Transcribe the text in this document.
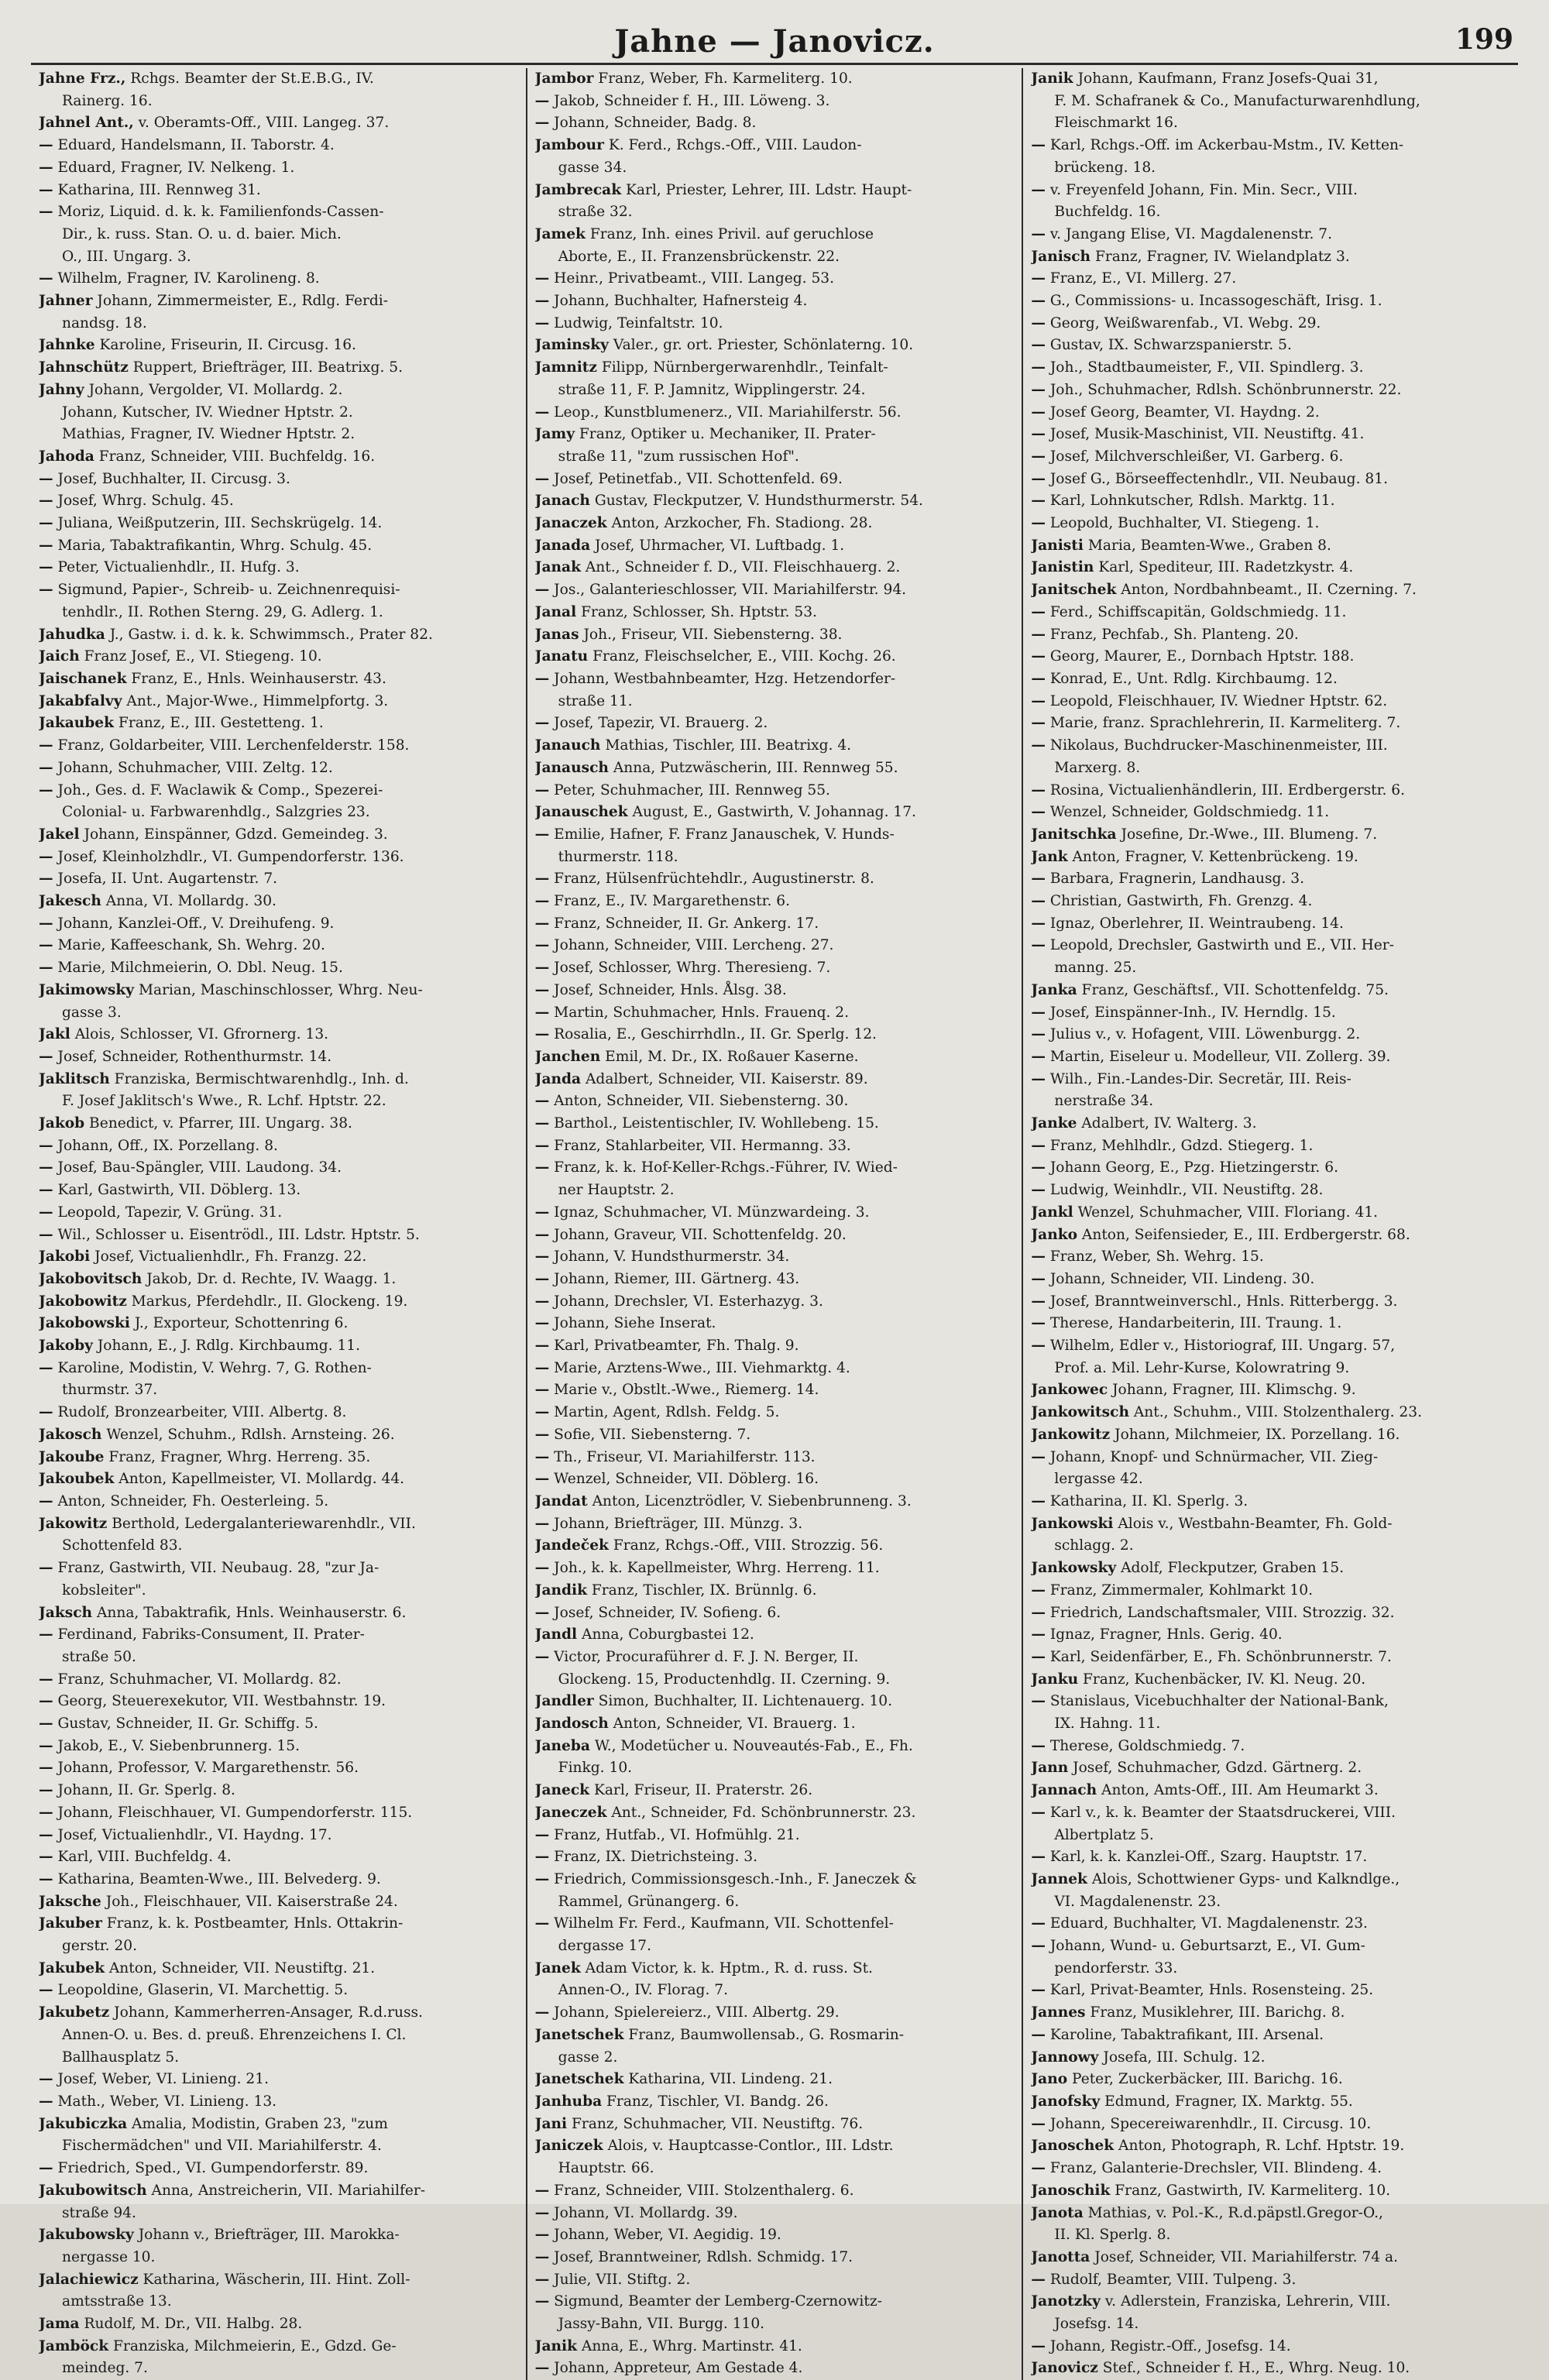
Jahne — Janovicz.	199
Jahne Frz., Rchgs. Beamter der St.E.B.G., IV.
Rainerg. 16.
Jahnel Ant., v. Oberamts-Off., VIII. Langeg. 37.
— Eduard, Handelsmann, II. Taborstr. 4.
— Eduard, Fragner, IV. Nelkeng. 1.
— Katharina, III. Rennweg 31.
— Moriz, Liquid. d. k. k. Familienfonds-Cassen-
Dir., k. russ. Stan. O. u. d. baier. Mich.
O., III. Ungarg. 3.
— Wilhelm, Fragner, IV. Karolineng. 8.
Jahner Johann, Zimmermeister, E., Rdlg. Ferdi-
nandsg. 18.
Jahnke Karoline, Friseurin, II. Circusg. 16.
Jahnschütz Ruppert, Briefträger, III. Beatrixg. 5.
Jahny Johann, Vergolder, VI. Mollardg. 2.
Johann, Kutscher, IV. Wiedner Hptstr. 2.
Mathias, Fragner, IV. Wiedner Hptstr. 2.
Jahoda Franz, Schneider, VIII. Buchfeldg. 16.
— Josef, Buchhalter, II. Circusg. 3.
— Josef, Whrg. Schulg. 45.
— Juliana, Weißputzerin, III. Sechskrügelg. 14.
— Maria, Tabaktrafikantin, Whrg. Schulg. 45.
— Peter, Victualienhdlr., II. Hufg. 3.
— Sigmund, Papier-, Schreib- u. Zeichnenrequisi-
tenhdlr., II. Rothen Sterng. 29, G. Adlerg. 1.
Jahudka J., Gastw. i. d. k. k. Schwimmsch., Prater 82.
Jaich Franz Josef, E., VI. Stiegeng. 10.
Jaischanek Franz, E., Hnls. Weinhauserstr. 43.
Jakabfalvy Ant., Major-Wwe., Himmelpfortg. 3.
Jakaubek Franz, E., III. Gestetteng. 1.
— Franz, Goldarbeiter, VIII. Lerchenfelderstr. 158.
— Johann, Schuhmacher, VIII. Zeltg. 12.
— Joh., Ges. d. F. Waclawik & Comp., Spezerei-
Colonial- u. Farbwarenhdlg., Salzgries 23.
Jakel Johann, Einspänner, Gdzd. Gemeindeg. 3.
— Josef, Kleinholzhdlr., VI. Gumpendorferstr. 136.
— Josefa, II. Unt. Augartenstr. 7.
Jakesch Anna, VI. Mollardg. 30.
— Johann, Kanzlei-Off., V. Dreihufeng. 9.
— Marie, Kaffeeschank, Sh. Wehrg. 20.
— Marie, Milchmeierin, O. Dbl. Neug. 15.
Jakimowsky Marian, Maschinschlosser, Whrg. Neu-
gasse 3.
Jakl Alois, Schlosser, VI. Gfrornerg. 13.
— Josef, Schneider, Rothenthurmstr. 14.
Jaklitsch Franziska, Bermischtwarenhdlg., Inh. d.
F. Josef Jaklitsch's Wwe., R. Lchf. Hptstr. 22.
Jakob Benedict, v. Pfarrer, III. Ungarg. 38.
— Johann, Off., IX. Porzellang. 8.
— Josef, Bau-Spängler, VIII. Laudong. 34.
— Karl, Gastwirth, VII. Döblerg. 13.
— Leopold, Tapezir, V. Grüng. 31.
— Wil., Schlosser u. Eisentrödl., III. Ldstr. Hptstr. 5.
Jakobi Josef, Victualienhdlr., Fh. Franzg. 22.
Jakobovitsch Jakob, Dr. d. Rechte, IV. Waagg. 1.
Jakobowitz Markus, Pferdehdlr., II. Glockeng. 19.
Jakobowski J., Exporteur, Schottenring 6.
Jakoby Johann, E., J. Rdlg. Kirchbaumg. 11.
— Karoline, Modistin, V. Wehrg. 7, G. Rothen-
thurmstr. 37.
— Rudolf, Bronzearbeiter, VIII. Albertg. 8.
Jakosch Wenzel, Schuhm., Rdlsh. Arnsteing. 26.
Jakoube Franz, Fragner, Whrg. Herreng. 35.
Jakoubek Anton, Kapellmeister, VI. Mollardg. 44.
— Anton, Schneider, Fh. Oesterleing. 5.
Jakowitz Berthold, Ledergalanteriewarenhdlr., VII.
Schottenfeld 83.
— Franz, Gastwirth, VII. Neubaug. 28, "zur Ja-
kobsleiter".
Jaksch Anna, Tabaktrafik, Hnls. Weinhauserstr. 6.
— Ferdinand, Fabriks-Consument, II. Prater-
straße 50.
— Franz, Schuhmacher, VI. Mollardg. 82.
— Georg, Steuerexekutor, VII. Westbahnstr. 19.
— Gustav, Schneider, II. Gr. Schiffg. 5.
— Jakob, E., V. Siebenbrunnerg. 15.
— Johann, Professor, V. Margarethenstr. 56.
— Johann, II. Gr. Sperlg. 8.
— Johann, Fleischhauer, VI. Gumpendorferstr. 115.
— Josef, Victualienhdlr., VI. Haydng. 17.
— Karl, VIII. Buchfeldg. 4.
— Katharina, Beamten-Wwe., III. Belvederg. 9.
Jaksche Joh., Fleischhauer, VII. Kaiserstraße 24.
Jakuber Franz, k. k. Postbeamter, Hnls. Ottakrin-
gerstr. 20.
Jakubek Anton, Schneider, VII. Neustiftg. 21.
— Leopoldine, Glaserin, VI. Marchettig. 5.
Jakubetz Johann, Kammerherren-Ansager, R.d.russ.
Annen-O. u. Bes. d. preuß. Ehrenzeichens I. Cl.
Ballhausplatz 5.
— Josef, Weber, VI. Linieng. 21.
— Math., Weber, VI. Linieng. 13.
Jakubiczka Amalia, Modistin, Graben 23, "zum
Fischermädchen" und VII. Mariahilferstr. 4.
— Friedrich, Sped., VI. Gumpendorferstr. 89.
Jakubowitsch Anna, Anstreicherin, VII. Mariahilfer-
straße 94.
Jakubowsky Johann v., Briefträger, III. Marokka-
nergasse 10.
Jalachiewicz Katharina, Wäscherin, III. Hint. Zoll-
amtsstraße 13.
Jama Rudolf, M. Dr., VII. Halbg. 28.
Jamböck Franziska, Milchmeierin, E., Gdzd. Ge-
meindeg. 7.
Jambor Franz, Weber, Fh. Karmeliterg. 10.
— Jakob, Schneider f. H., III. Löweng. 3.
— Johann, Schneider, Badg. 8.
Jambour K. Ferd., Rchgs.-Off., VIII. Laudon-
gasse 34.
Jambrecak Karl, Priester, Lehrer, III. Ldstr. Haupt-
straße 32.
Jamek Franz, Inh. eines Privil. auf geruchlose
Aborte, E., II. Franzensbrückenstr. 22.
— Heinr., Privatbeamt., VIII. Langeg. 53.
— Johann, Buchhalter, Hafnersteig 4.
— Ludwig, Teinfaltstr. 10.
Jaminsky Valer., gr. ort. Priester, Schönlaterng. 10.
Jamnitz Filipp, Nürnbergerwarenhdlr., Teinfalt-
straße 11, F. P. Jamnitz, Wipplingerstr. 24.
— Leop., Kunstblumenerz., VII. Mariahilferstr. 56.
Jamy Franz, Optiker u. Mechaniker, II. Prater-
straße 11, "zum russischen Hof".
— Josef, Petinetfab., VII. Schottenfeld. 69.
Janach Gustav, Fleckputzer, V. Hundsthurmerstr. 54.
Janaczek Anton, Arzkocher, Fh. Stadiong. 28.
Janada Josef, Uhrmacher, VI. Luftbadg. 1.
Janak Ant., Schneider f. D., VII. Fleischhauerg. 2.
— Jos., Galanterieschlosser, VII. Mariahilferstr. 94.
Janal Franz, Schlosser, Sh. Hptstr. 53.
Janas Joh., Friseur, VII. Siebensterng. 38.
Janatu Franz, Fleischselcher, E., VIII. Kochg. 26.
— Johann, Westbahnbeamter, Hzg. Hetzendorfer-
straße 11.
— Josef, Tapezir, VI. Brauerg. 2.
Janauch Mathias, Tischler, III. Beatrixg. 4.
Janausch Anna, Putzwäscherin, III. Rennweg 55.
— Peter, Schuhmacher, III. Rennweg 55.
Janauschek August, E., Gastwirth, V. Johannag. 17.
— Emilie, Hafner, F. Franz Janauschek, V. Hunds-
thurmerstr. 118.
— Franz, Hülsenfrüchtehdlr., Augustinerstr. 8.
— Franz, E., IV. Margarethenstr. 6.
— Franz, Schneider, II. Gr. Ankerg. 17.
— Johann, Schneider, VIII. Lercheng. 27.
— Josef, Schlosser, Whrg. Theresieng. 7.
— Josef, Schneider, Hnls. Ålsg. 38.
— Martin, Schuhmacher, Hnls. Frauenq. 2.
— Rosalia, E., Geschirrhdln., II. Gr. Sperlg. 12.
Janchen Emil, M. Dr., IX. Roßauer Kaserne.
Janda Adalbert, Schneider, VII. Kaiserstr. 89.
— Anton, Schneider, VII. Siebensterng. 30.
— Barthol., Leistentischler, IV. Wohllebeng. 15.
— Franz, Stahlarbeiter, VII. Hermanng. 33.
— Franz, k. k. Hof-Keller-Rchgs.-Führer, IV. Wied-
ner Hauptstr. 2.
— Ignaz, Schuhmacher, VI. Münzwardeing. 3.
— Johann, Graveur, VII. Schottenfeldg. 20.
— Johann, V. Hundsthurmerstr. 34.
— Johann, Riemer, III. Gärtnerg. 43.
— Johann, Drechsler, VI. Esterhazyg. 3.
— Johann, Siehe Inserat.
— Karl, Privatbeamter, Fh. Thalg. 9.
— Marie, Arztens-Wwe., III. Viehmarktg. 4.
— Marie v., Obstlt.-Wwe., Riemerg. 14.
— Martin, Agent, Rdlsh. Feldg. 5.
— Sofie, VII. Siebensterng. 7.
— Th., Friseur, VI. Mariahilferstr. 113.
— Wenzel, Schneider, VII. Döblerg. 16.
Jandat Anton, Licenztrödler, V. Siebenbrunneng. 3.
— Johann, Briefträger, III. Münzg. 3.
Jandeček Franz, Rchgs.-Off., VIII. Strozzig. 56.
— Joh., k. k. Kapellmeister, Whrg. Herreng. 11.
Jandik Franz, Tischler, IX. Brünnlg. 6.
— Josef, Schneider, IV. Sofieng. 6.
Jandl Anna, Coburgbastei 12.
— Victor, Procuraführer d. F. J. N. Berger, II.
Glockeng. 15, Productenhdlg. II. Czerning. 9.
Jandler Simon, Buchhalter, II. Lichtenauerg. 10.
Jandosch Anton, Schneider, VI. Brauerg. 1.
Janeba W., Modetücher u. Nouveautés-Fab., E., Fh.
Finkg. 10.
Janeck Karl, Friseur, II. Praterstr. 26.
Janeczek Ant., Schneider, Fd. Schönbrunnerstr. 23.
— Franz, Hutfab., VI. Hofmühlg. 21.
— Franz, IX. Dietrichsteing. 3.
— Friedrich, Commissionsgesch.-Inh., F. Janeczek &
Rammel, Grünangerg. 6.
— Wilhelm Fr. Ferd., Kaufmann, VII. Schottenfel-
dergasse 17.
Janek Adam Victor, k. k. Hptm., R. d. russ. St.
Annen-O., IV. Florag. 7.
— Johann, Spielereierz., VIII. Albertg. 29.
Janetschek Franz, Baumwollensab., G. Rosmarin-
gasse 2.
Janetschek Katharina, VII. Lindeng. 21.
Janhuba Franz, Tischler, VI. Bandg. 26.
Jani Franz, Schuhmacher, VII. Neustiftg. 76.
Janiczek Alois, v. Hauptcasse-Contlor., III. Ldstr.
Hauptstr. 66.
— Franz, Schneider, VIII. Stolzenthalerg. 6.
— Johann, VI. Mollardg. 39.
— Johann, Weber, VI. Aegidig. 19.
— Josef, Branntweiner, Rdlsh. Schmidg. 17.
— Julie, VII. Stiftg. 2.
— Sigmund, Beamter der Lemberg-Czernowitz-
Jassy-Bahn, VII. Burgg. 110.
Janik Anna, E., Whrg. Martinstr. 41.
— Johann, Appreteur, Am Gestade 4.
Janik Johann, Kaufmann, Franz Josefs-Quai 31,
F. M. Schafranek & Co., Manufacturwarenhdlung,
Fleischmarkt 16.
— Karl, Rchgs.-Off. im Ackerbau-Mstm., IV. Ketten-
brückeng. 18.
— v. Freyenfeld Johann, Fin. Min. Secr., VIII.
Buchfeldg. 16.
— v. Jangang Elise, VI. Magdalenenstr. 7.
Janisch Franz, Fragner, IV. Wielandplatz 3.
— Franz, E., VI. Millerg. 27.
— G., Commissions- u. Incassogeschäft, Irisg. 1.
— Georg, Weißwarenfab., VI. Webg. 29.
— Gustav, IX. Schwarzspanierstr. 5.
— Joh., Stadtbaumeister, F., VII. Spindlerg. 3.
— Joh., Schuhmacher, Rdlsh. Schönbrunnerstr. 22.
— Josef Georg, Beamter, VI. Haydng. 2.
— Josef, Musik-Maschinist, VII. Neustiftg. 41.
— Josef, Milchverschleißer, VI. Garberg. 6.
— Josef G., Börseeffectenhdlr., VII. Neubaug. 81.
— Karl, Lohnkutscher, Rdlsh. Marktg. 11.
— Leopold, Buchhalter, VI. Stiegeng. 1.
Janisti Maria, Beamten-Wwe., Graben 8.
Janistin Karl, Spediteur, III. Radetzkystr. 4.
Janitschek Anton, Nordbahnbeamt., II. Czerning. 7.
— Ferd., Schiffscapitän, Goldschmiedg. 11.
— Franz, Pechfab., Sh. Planteng. 20.
— Georg, Maurer, E., Dornbach Hptstr. 188.
— Konrad, E., Unt. Rdlg. Kirchbaumg. 12.
— Leopold, Fleischhauer, IV. Wiedner Hptstr. 62.
— Marie, franz. Sprachlehrerin, II. Karmeliterg. 7.
— Nikolaus, Buchdrucker-Maschinenmeister, III.
Marxerg. 8.
— Rosina, Victualienhändlerin, III. Erdbergerstr. 6.
— Wenzel, Schneider, Goldschmiedg. 11.
Janitschka Josefine, Dr.-Wwe., III. Blumeng. 7.
Jank Anton, Fragner, V. Kettenbrückeng. 19.
— Barbara, Fragnerin, Landhausg. 3.
— Christian, Gastwirth, Fh. Grenzg. 4.
— Ignaz, Oberlehrer, II. Weintraubeng. 14.
— Leopold, Drechsler, Gastwirth und E., VII. Her-
manng. 25.
Janka Franz, Geschäftsf., VII. Schottenfeldg. 75.
— Josef, Einspänner-Inh., IV. Herndlg. 15.
— Julius v., v. Hofagent, VIII. Löwenburgg. 2.
— Martin, Eiseleur u. Modelleur, VII. Zollerg. 39.
— Wilh., Fin.-Landes-Dir. Secretär, III. Reis-
nerstraße 34.
Janke Adalbert, IV. Walterg. 3.
— Franz, Mehlhdlr., Gdzd. Stiegerg. 1.
— Johann Georg, E., Pzg. Hietzingerstr. 6.
— Ludwig, Weinhdlr., VII. Neustiftg. 28.
Jankl Wenzel, Schuhmacher, VIII. Floriang. 41.
Janko Anton, Seifensieder, E., III. Erdbergerstr. 68.
— Franz, Weber, Sh. Wehrg. 15.
— Johann, Schneider, VII. Lindeng. 30.
— Josef, Branntweinverschl., Hnls. Ritterbergg. 3.
— Therese, Handarbeiterin, III. Traung. 1.
— Wilhelm, Edler v., Historiograf, III. Ungarg. 57,
Prof. a. Mil. Lehr-Kurse, Kolowratring 9.
Jankowec Johann, Fragner, III. Klimschg. 9.
Jankowitsch Ant., Schuhm., VIII. Stolzenthalerg. 23.
Jankowitz Johann, Milchmeier, IX. Porzellang. 16.
— Johann, Knopf- und Schnürmacher, VII. Zieg-
lergasse 42.
— Katharina, II. Kl. Sperlg. 3.
Jankowski Alois v., Westbahn-Beamter, Fh. Gold-
schlagg. 2.
Jankowsky Adolf, Fleckputzer, Graben 15.
— Franz, Zimmermaler, Kohlmarkt 10.
— Friedrich, Landschaftsmaler, VIII. Strozzig. 32.
— Ignaz, Fragner, Hnls. Gerig. 40.
— Karl, Seidenfärber, E., Fh. Schönbrunnerstr. 7.
Janku Franz, Kuchenbäcker, IV. Kl. Neug. 20.
— Stanislaus, Vicebuchhalter der National-Bank,
IX. Hahng. 11.
— Therese, Goldschmiedg. 7.
Jann Josef, Schuhmacher, Gdzd. Gärtnerg. 2.
Jannach Anton, Amts-Off., III. Am Heumarkt 3.
— Karl v., k. k. Beamter der Staatsdruckerei, VIII.
Albertplatz 5.
— Karl, k. k. Kanzlei-Off., Szarg. Hauptstr. 17.
Jannek Alois, Schottwiener Gyps- und Kalkndlge.,
VI. Magdalenenstr. 23.
— Eduard, Buchhalter, VI. Magdalenenstr. 23.
— Johann, Wund- u. Geburtsarzt, E., VI. Gum-
pendorferstr. 33.
— Karl, Privat-Beamter, Hnls. Rosensteing. 25.
Jannes Franz, Musiklehrer, III. Barichg. 8.
— Karoline, Tabaktrafikant, III. Arsenal.
Jannowy Josefa, III. Schulg. 12.
Jano Peter, Zuckerbäcker, III. Barichg. 16.
Janofsky Edmund, Fragner, IX. Marktg. 55.
— Johann, Specereiwarenhdlr., II. Circusg. 10.
Janoschek Anton, Photograph, R. Lchf. Hptstr. 19.
— Franz, Galanterie-Drechsler, VII. Blindeng. 4.
Janoschik Franz, Gastwirth, IV. Karmeliterg. 10.
Janota Mathias, v. Pol.-K., R.d.päpstl.Gregor-O.,
II. Kl. Sperlg. 8.
Janotta Josef, Schneider, VII. Mariahilferstr. 74 a.
— Rudolf, Beamter, VIII. Tulpeng. 3.
Janotzky v. Adlerstein, Franziska, Lehrerin, VIII.
Josefsg. 14.
— Johann, Registr.-Off., Josefsg. 14.
Janovicz Stef., Schneider f. H., E., Whrg. Neug. 10.
